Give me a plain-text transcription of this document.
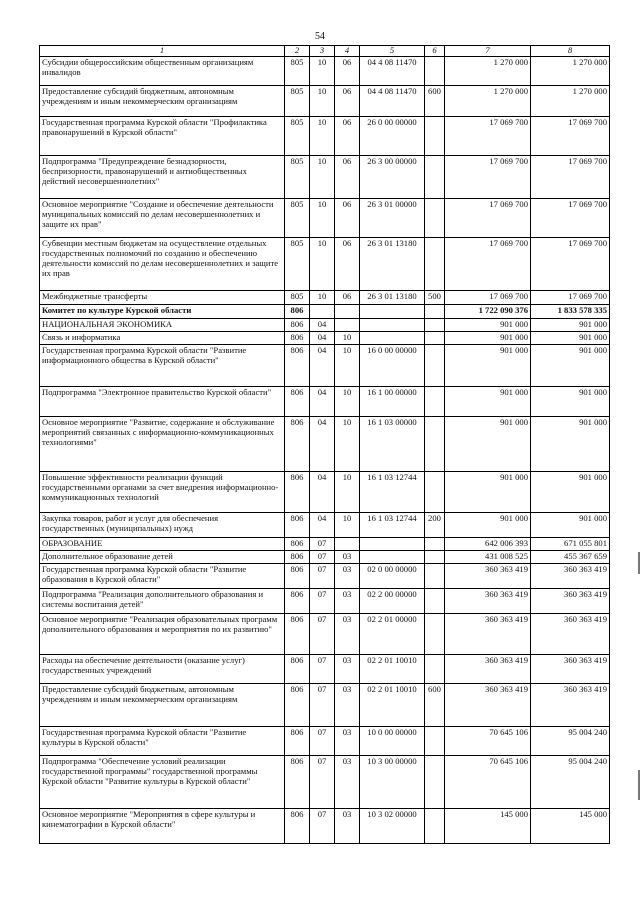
54
1	2	3	4	5	6	7	8
Субсидии общероссийским общественным организациям инвалидов	805	10	06	04 4 08 11470		1 270 000	1 270 000
Предоставление субсидий бюджетным, автономным учреждениям и иным некоммерческим организациям	805	10	06	04 4 08 11470	600	1 270 000	1 270 000
Государственная программа Курской области "Профилактика правонарушений в Курской области"	805	10	06	26 0 00 00000		17 069 700	17 069 700
Подпрограмма "Предупреждение безнадзорности, беспризорности, правонарушений и антиобщественных действий несовершеннолетних"	805	10	06	26 3 00 00000		17 069 700	17 069 700
Основное мероприятие "Создание и обеспечение деятельности муниципальных комиссий по делам несовершеннолетних и защите их прав"	805	10	06	26 3 01 00000		17 069 700	17 069 700
Субвенции местным бюджетам на осуществление отдельных государственных полномочий по созданию и обеспечению деятельности комиссий по делам несовершеннолетних и защите их прав	805	10	06	26 3 01 13180		17 069 700	17 069 700
Межбюджетные трансферты	805	10	06	26 3 01 13180	500	17 069 700	17 069 700
Комитет по культуре Курской области	806					1 722 090 376	1 833 578 335
НАЦИОНАЛЬНАЯ ЭКОНОМИКА	806	04				901 000	901 000
Связь и информатика	806	04	10			901 000	901 000
Государственная программа Курской области "Развитие информационного общества в Курской области"	806	04	10	16 0 00 00000		901 000	901 000
Подпрограмма "Электронное правительство Курской области"	806	04	10	16 1 00 00000		901 000	901 000
Основное мероприятие "Развитие, содержание и обслуживание мероприятий связанных с информационно-коммуникационных технологиями"	806	04	10	16 1 03 00000		901 000	901 000
Повышение эффективности реализации функций государственными органами за счет внедрения информационно-коммуникационных технологий	806	04	10	16 1 03 12744		901 000	901 000
Закупка товаров, работ и услуг для обеспечения государственных (муниципальных) нужд	806	04	10	16 1 03 12744	200	901 000	901 000
ОБРАЗОВАНИЕ	806	07				642 006 393	671 055 801
Дополнительное образование детей	806	07	03			431 008 525	455 367 659
Государственная программа Курской области "Развитие образования в Курской области"	806	07	03	02 0 00 00000		360 363 419	360 363 419
Подпрограмма "Реализация дополнительного образования и системы воспитания детей"	806	07	03	02 2 00 00000		360 363 419	360 363 419
Основное мероприятие "Реализация образовательных программ дополнительного образования и мероприятия по их развитию"	806	07	03	02 2 01 00000		360 363 419	360 363 419
Расходы на обеспечение деятельности (оказание услуг) государственных учреждений	806	07	03	02 2 01 10010		360 363 419	360 363 419
Предоставление субсидий бюджетным, автономным учреждениям и иным некоммерческим организациям	806	07	03	02 2 01 10010	600	360 363 419	360 363 419
Государственная программа Курской области "Развитие культуры в Курской области"	806	07	03	10 0 00 00000		70 645 106	95 004 240
Подпрограмма "Обеспечение условий реализации государственной программы" государственной программы Курской области "Развитие культуры в Курской области"	806	07	03	10 3 00 00000		70 645 106	95 004 240
Основное мероприятие "Мероприятия в сфере культуры и кинематографии в Курской области"	806	07	03	10 3 02 00000		145 000	145 000
